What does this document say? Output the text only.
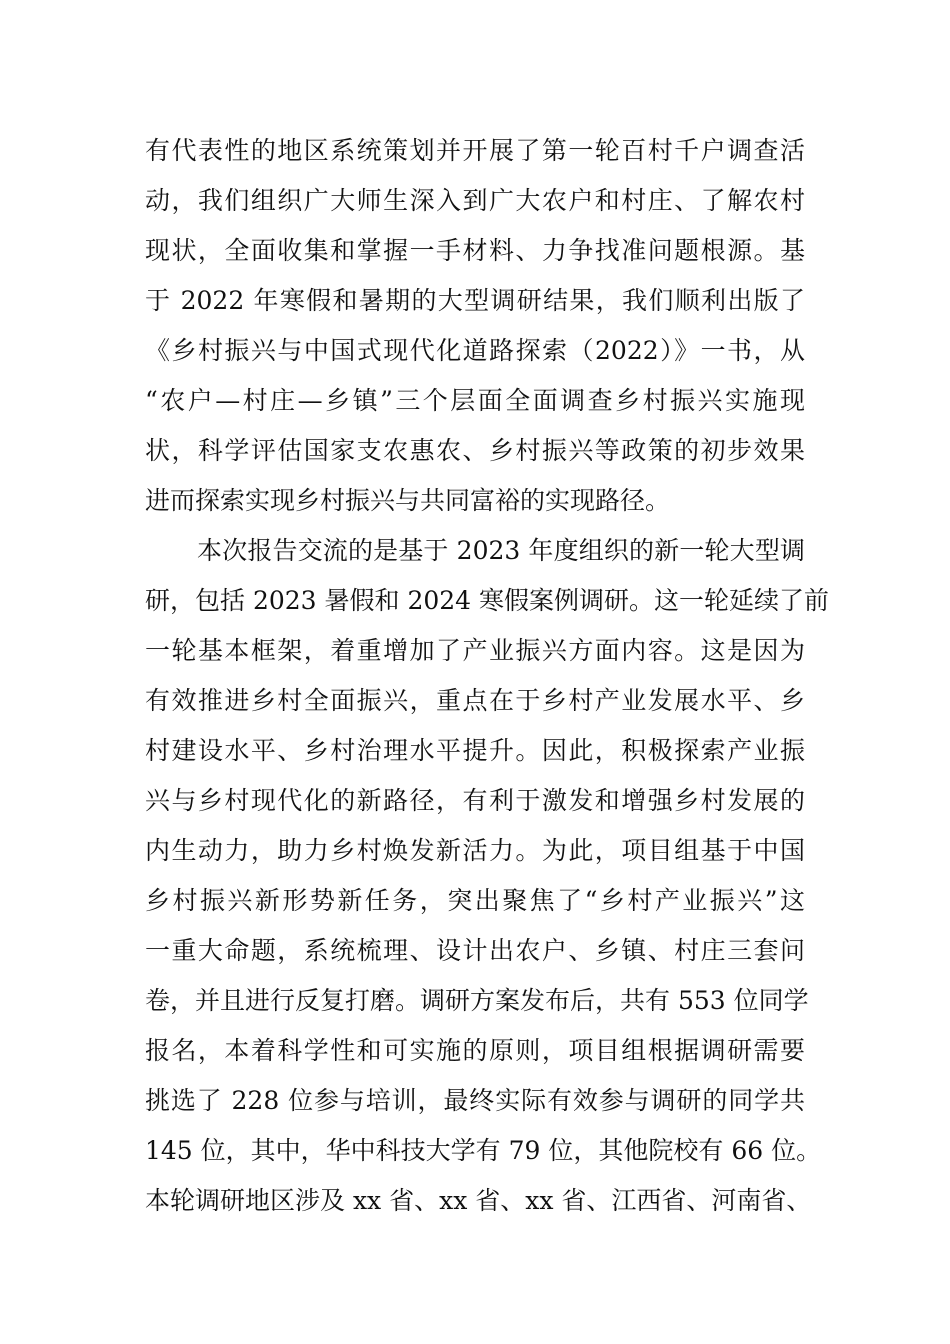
有代表性的地区系统策划并开展了第一轮百村千户调查活
动，我们组织广大师生深入到广大农户和村庄、了解农村
现状，全面收集和掌握一手材料、力争找准问题根源。基
于 2022 年寒假和暑期的大型调研结果，我们顺利出版了
《乡村振兴与中国式现代化道路探索（2022）》一书，从
“农户—村庄—乡镇”三个层面全面调查乡村振兴实施现
状，科学评估国家支农惠农、乡村振兴等政策的初步效果
进而探索实现乡村振兴与共同富裕的实现路径。
本次报告交流的是基于 2023 年度组织的新一轮大型调
研，包括 2023 暑假和 2024 寒假案例调研。这一轮延续了前
一轮基本框架，着重增加了产业振兴方面内容。这是因为
有效推进乡村全面振兴，重点在于乡村产业发展水平、乡
村建设水平、乡村治理水平提升。因此，积极探索产业振
兴与乡村现代化的新路径，有利于激发和增强乡村发展的
内生动力，助力乡村焕发新活力。为此，项目组基于中国
乡村振兴新形势新任务，突出聚焦了“乡村产业振兴”这
一重大命题，系统梳理、设计出农户、乡镇、村庄三套问
卷，并且进行反复打磨。调研方案发布后，共有 553 位同学
报名，本着科学性和可实施的原则，项目组根据调研需要
挑选了 228 位参与培训，最终实际有效参与调研的同学共
145 位，其中，华中科技大学有 79 位，其他院校有 66 位。
本轮调研地区涉及 xx 省、xx 省、xx 省、江西省、河南省、
